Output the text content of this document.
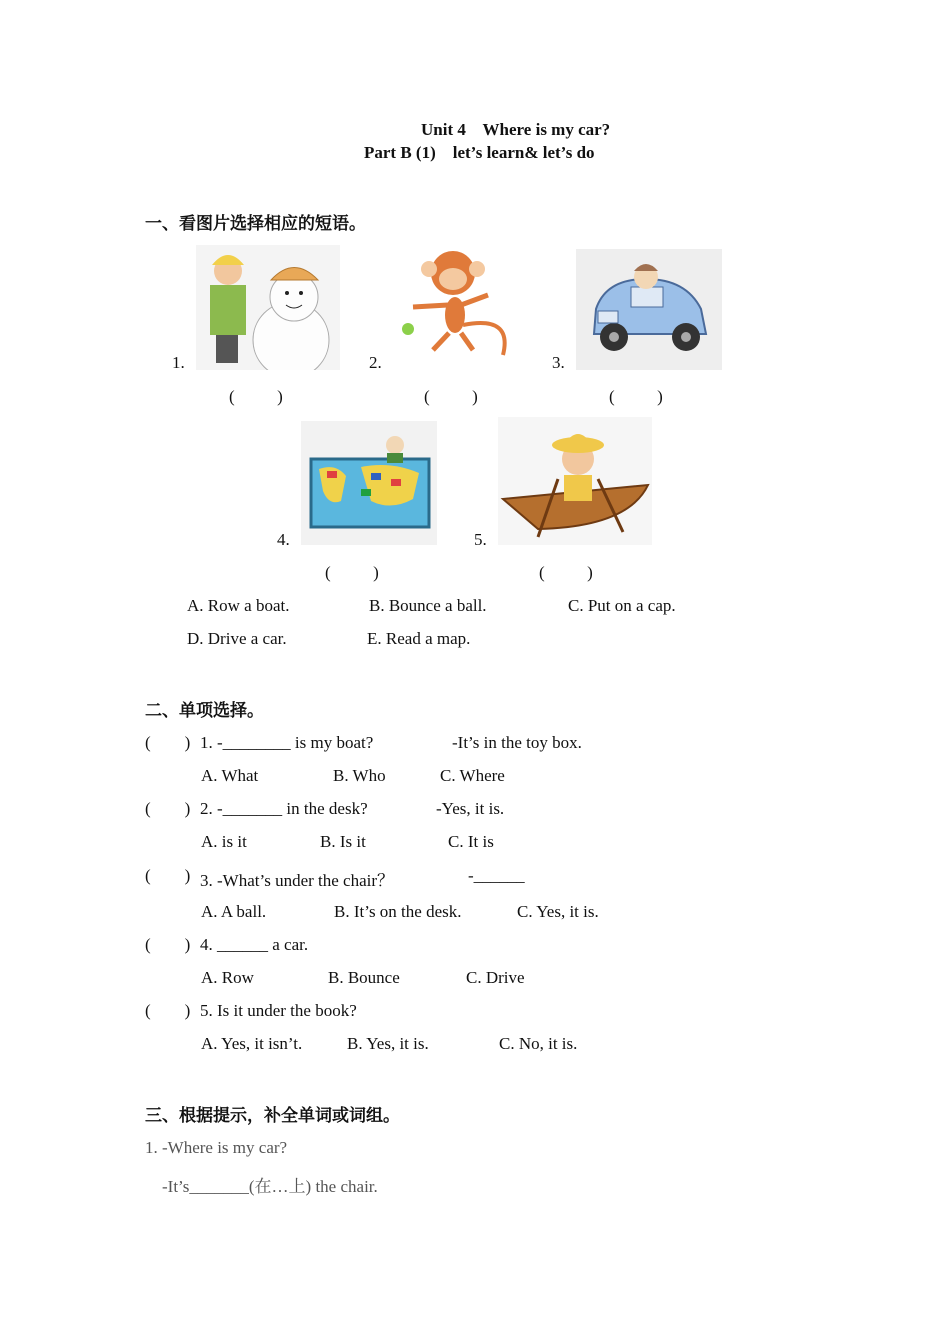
Unit 4    Where is my car?
Part B (1)    let’s learn& let’s do
一、看图片选择相应的短语。
1.
(          )
2.
(          )
3.
(          )
4.
(          )
5.
(          )
A. Row a boat.	B. Bounce a ball.	C. Put on a cap.
D. Drive a car.	E. Read a map.
二、单项选择。
(        ) 1. -________ is my boat?	-It’s in the toy box.
A. What	B. Who	C. Where
(        ) 2. -_______ in the desk?	-Yes, it is.
A. is it	B. Is it	C. It is
(        ) 3. -What’s under the chair？	-______
A. A ball.	B. It’s on the desk.	C. Yes, it is.
(        ) 4. ______ a car.
A. Row	B. Bounce	C. Drive
(        ) 5. Is it under the book?
A. Yes, it isn’t.	B. Yes, it is.	C. No, it is.
三、根据提示，补全单词或词组。
1. -Where is my car?
-It’s_______(在…上) the chair.
